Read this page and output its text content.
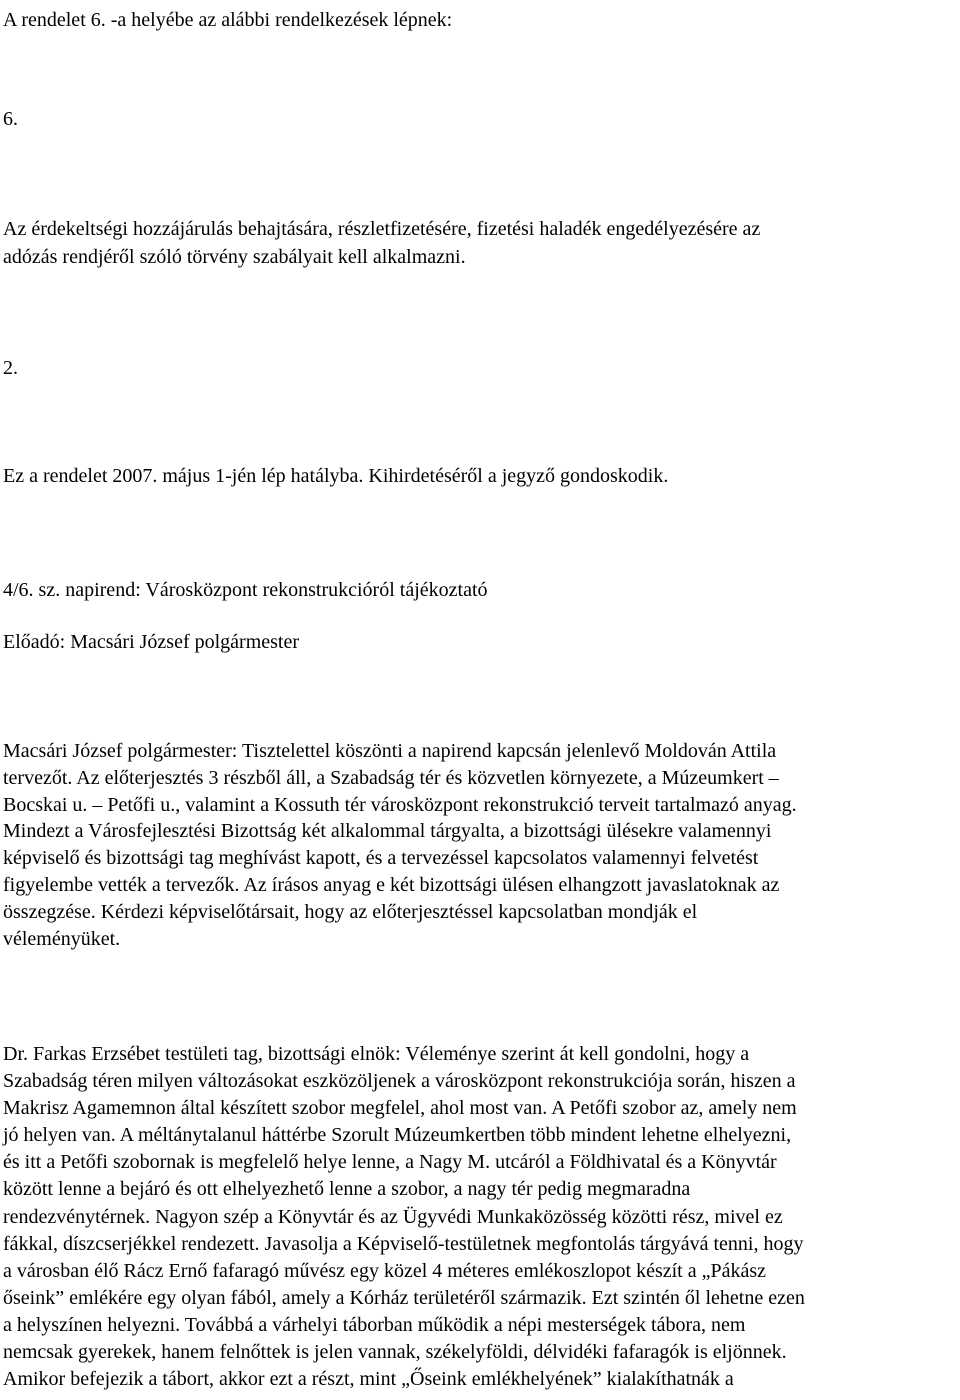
A rendelet 6. -a helyébe az alábbi rendelkezések lépnek:

6.

Az érdekeltségi hozzájárulás behajtására, részletfizetésére, fizetési haladék engedélyezésére az

adózás rendjéről szóló törvény szabályait kell alkalmazni.

2.

Ez a rendelet 2007. május 1-jén lép hatályba. Kihirdetéséről a jegyző gondoskodik.

4/6. sz. napirend: Városközpont rekonstrukcióról tájékoztató

Előadó: Macsári József polgármester

Macsári József polgármester: Tisztelettel köszönti a napirend kapcsán jelenlevő Moldován Attila

tervezőt. Az előterjesztés 3 részből áll, a Szabadság tér és közvetlen környezete, a Múzeumkert –

Bocskai u. – Petőfi u., valamint a Kossuth tér városközpont rekonstrukció terveit tartalmazó anyag.

Mindezt a Városfejlesztési Bizottság két alkalommal tárgyalta, a bizottsági ülésekre valamennyi

képviselő és bizottsági tag meghívást kapott, és a tervezéssel kapcsolatos valamennyi felvetést

figyelembe vették a tervezők. Az írásos anyag e két bizottsági ülésen elhangzott javaslatoknak az

összegzése. Kérdezi képviselőtársait, hogy az előterjesztéssel kapcsolatban mondják el

véleményüket.

Dr. Farkas Erzsébet testületi tag, bizottsági elnök: Véleménye szerint át kell gondolni, hogy a

Szabadság téren milyen változásokat eszközöljenek a városközpont rekonstrukciója során, hiszen a

Makrisz Agamemnon által készített szobor megfelel, ahol most van. A Petőfi szobor az, amely nem

jó helyen van. A méltánytalanul háttérbe Szorult Múzeumkertben több mindent lehetne elhelyezni,

és itt a Petőfi szobornak is megfelelő helye lenne, a Nagy M. utcáról a Földhivatal és a Könyvtár

között lenne a bejáró és ott elhelyezhető lenne a szobor, a nagy tér pedig megmaradna

rendezvénytérnek. Nagyon szép a Könyvtár és az Ügyvédi Munkaközösség közötti rész, mivel ez

fákkal, díszcserjékkel rendezett. Javasolja a Képviselő-testületnek megfontolás tárgyává tenni, hogy

a városban élő Rácz Ernő fafaragó művész egy közel 4 méteres emlékoszlopot készít a „Pákász

őseink” emlékére egy olyan fából, amely a Kórház területéről származik. Ezt szintén ől lehetne ezen

a helyszínen helyezni. Továbbá a várhelyi táborban működik a népi mesterségek tábora, nem

nemcsak gyerekek, hanem felnőttek is jelen vannak, székelyföldi, délvidéki fafaragók is eljönnek.

Amikor befejezik a tábort, akkor ezt a részt, mint „Őseink emlékhelyének” kialakíthatnák a
